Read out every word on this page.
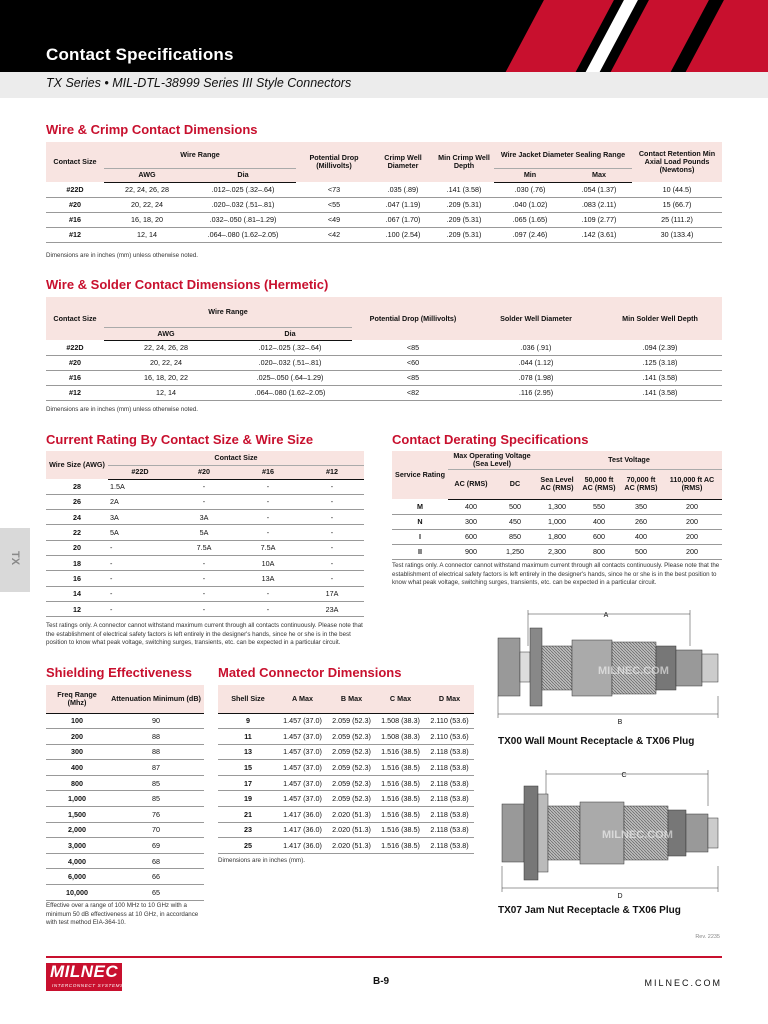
Contact Specifications
TX Series • MIL-DTL-38999 Series III Style Connectors
TX
Wire & Crimp Contact Dimensions
Contact Size	Wire Range		Potential Drop (Millivolts)	Crimp Well Diameter	Min Crimp Well Depth	Wire Jacket Diameter Sealing Range		Contact Retention Min Axial Load Pounds (Newtons)
	AWG	Dia				Min	Max	
#22D	22, 24, 26, 28	.012–.025 (.32–.64)	<73	.035 (.89)	.141 (3.58)	.030 (.76)	.054 (1.37)	10 (44.5)
#20	20, 22, 24	.020–.032 (.51–.81)	<55	.047 (1.19)	.209 (5.31)	.040 (1.02)	.083 (2.11)	15 (66.7)
#16	16, 18, 20	.032–.050 (.81–1.29)	<49	.067 (1.70)	.209 (5.31)	.065 (1.65)	.109 (2.77)	25 (111.2)
#12	12, 14	.064–.080 (1.62–2.05)	<42	.100 (2.54)	.209 (5.31)	.097 (2.46)	.142 (3.61)	30 (133.4)
Dimensions are in inches (mm) unless otherwise noted.
Wire & Solder Contact Dimensions (Hermetic)
Contact Size	Wire Range		Potential Drop (Millivolts)	Solder Well Diameter	Min Solder Well Depth
	AWG	Dia			
#22D	22, 24, 26, 28	.012–.025 (.32–.64)	<85	.036 (.91)	.094 (2.39)
#20	20, 22, 24	.020–.032 (.51–.81)	<60	.044 (1.12)	.125 (3.18)
#16	16, 18, 20, 22	.025–.050 (.64–1.29)	<85	.078 (1.98)	.141 (3.58)
#12	12, 14	.064–.080 (1.62–2.05)	<82	.116 (2.95)	.141 (3.58)
Dimensions are in inches (mm) unless otherwise noted.
Current Rating By Contact Size & Wire Size
Wire Size (AWG)	Contact Size			
	#22D	#20	#16	#12
28	1.5A	-	-	-
26	2A	-	-	-
24	3A	3A	-	-
22	5A	5A	-	-
20	-	7.5A	7.5A	-
18	-	-	10A	-
16	-	-	13A	-
14	-	-	-	17A
12	-	-	-	23A
Test ratings only. A connector cannot withstand maximum current through all contacts continuously. Please note that the establishment of electrical safety factors is left entirely in the designer's hands, since he or she is in the best position to know what peak voltage, switching surges, transients, etc. can be expected in a particular circuit.
Contact Derating Specifications
Service Rating	Max Operating Voltage (Sea Level)		Test Voltage			
	AC (RMS)	DC	Sea Level AC (RMS)	50,000 ft AC (RMS)	70,000 ft AC (RMS)	110,000 ft AC (RMS)
M	400	500	1,300	550	350	200
N	300	450	1,000	400	260	200
I	600	850	1,800	600	400	200
II	900	1,250	2,300	800	500	200
Test ratings only. A connector cannot withstand maximum current through all contacts continuously. Please note that the establishment of electrical safety factors is left entirely in the designer's hands, since he or she is in the best position to know what peak voltage, switching surges, transients, etc. can be expected in a particular circuit.
Shielding Effectiveness
Freq Range (Mhz)	Attenuation Minimum (dB)
100	90
200	88
300	88
400	87
800	85
1,000	85
1,500	76
2,000	70
3,000	69
4,000	68
6,000	66
10,000	65
Effective over a range of 100 MHz to 10 GHz with a minimum 50 dB effectiveness at 10 GHz, in accordance with test method EIA-364-10.
Mated Connector Dimensions
Shell Size	A Max	B Max	C Max	D Max
9	1.457 (37.0)	2.059 (52.3)	1.508 (38.3)	2.110 (53.6)
11	1.457 (37.0)	2.059 (52.3)	1.508 (38.3)	2.110 (53.6)
13	1.457 (37.0)	2.059 (52.3)	1.516 (38.5)	2.118 (53.8)
15	1.457 (37.0)	2.059 (52.3)	1.516 (38.5)	2.118 (53.8)
17	1.457 (37.0)	2.059 (52.3)	1.516 (38.5)	2.118 (53.8)
19	1.457 (37.0)	2.059 (52.3)	1.516 (38.5)	2.118 (53.8)
21	1.417 (36.0)	2.020 (51.3)	1.516 (38.5)	2.118 (53.8)
23	1.417 (36.0)	2.020 (51.3)	1.516 (38.5)	2.118 (53.8)
25	1.417 (36.0)	2.020 (51.3)	1.516 (38.5)	2.118 (53.8)
Dimensions are in inches (mm).
MILNEC.COM
A
B
TX00 Wall Mount Receptacle & TX06 Plug
MILNEC.COM
C
D
TX07 Jam Nut Receptacle & TX06 Plug
Rev. 2235
MILNEC
INTERCONNECT SYSTEMS	B-9	MILNEC.COM
